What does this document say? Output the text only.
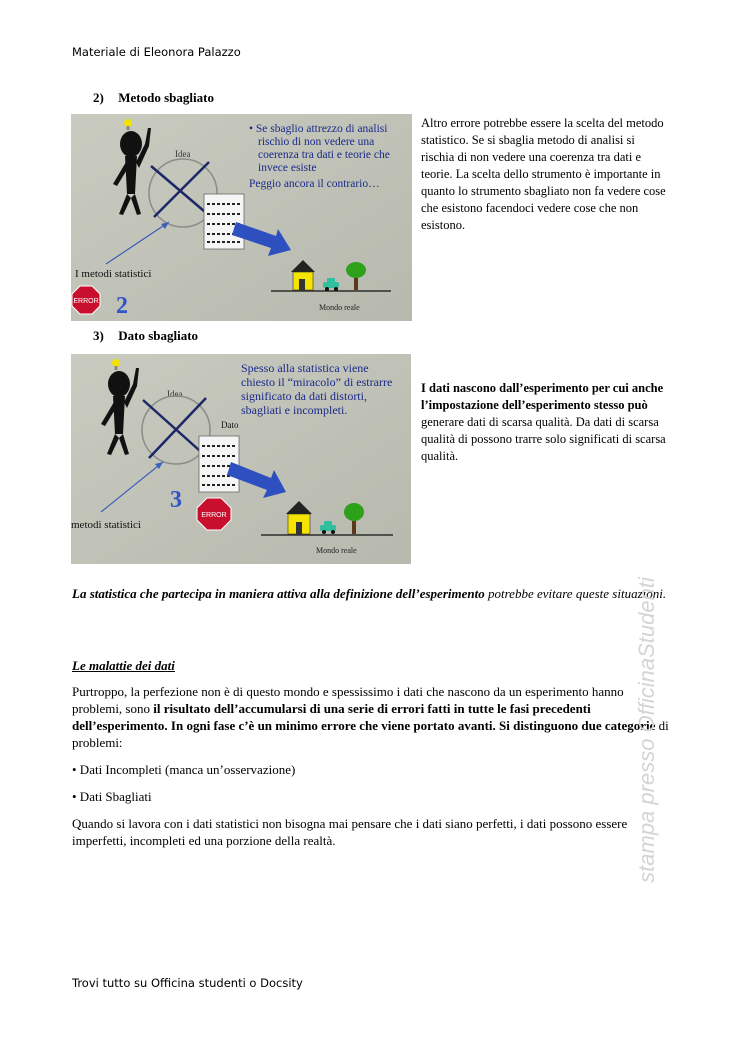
Materiale di Eleonora Palazzo
2) Metodo sbagliato
• Se sbaglio attrezzo di analisi rischio di non vedere una coerenza tra dati e teorie che invece esiste Peggio ancora il contrario…
Idea
I metodi statistici
ERROR 2	Mondo reale
Altro errore potrebbe essere la scelta del metodo statistico. Se si sbaglia metodo di analisi si rischia di non vedere una coerenza tra dati e teorie. La scelta dello strumento è importante in quanto lo strumento sbagliato non fa vedere cose che esistono facendoci vedere cose che non esistono.
3) Dato sbagliato
Spesso alla statistica viene chiesto il “miracolo” di estrarre significato da dati distorti, sbagliati e incompleti.
Idea
Dato
metodi statistici
3
ERROR
Mondo reale
I dati nascono dall’esperimento per cui anche l’impostazione dell’esperimento stesso può generare dati di scarsa qualità. Da dati di scarsa qualità di possono trarre solo significati di scarsa qualità.
La statistica che partecipa in maniera attiva alla definizione dell’esperimento potrebbe evitare queste situazioni.
Le malattie dei dati
Purtroppo, la perfezione non è di questo mondo e spessissimo i dati che nascono da un esperimento hanno problemi, sono il risultato dell’accumularsi di una serie di errori fatti in tutte le fasi precedenti dell’esperimento. In ogni fase c’è un minimo errore che viene portato avanti. Si distinguono due categorie di problemi:
• Dati Incompleti (manca un’osservazione)
• Dati Sbagliati
Quando si lavora con i dati statistici non bisogna mai pensare che i dati siano perfetti, i dati possono essere imperfetti, incompleti ed una porzione della realtà.	stampa presso OfficinaStudenti
Trovi tutto su Officina studenti o Docsity
